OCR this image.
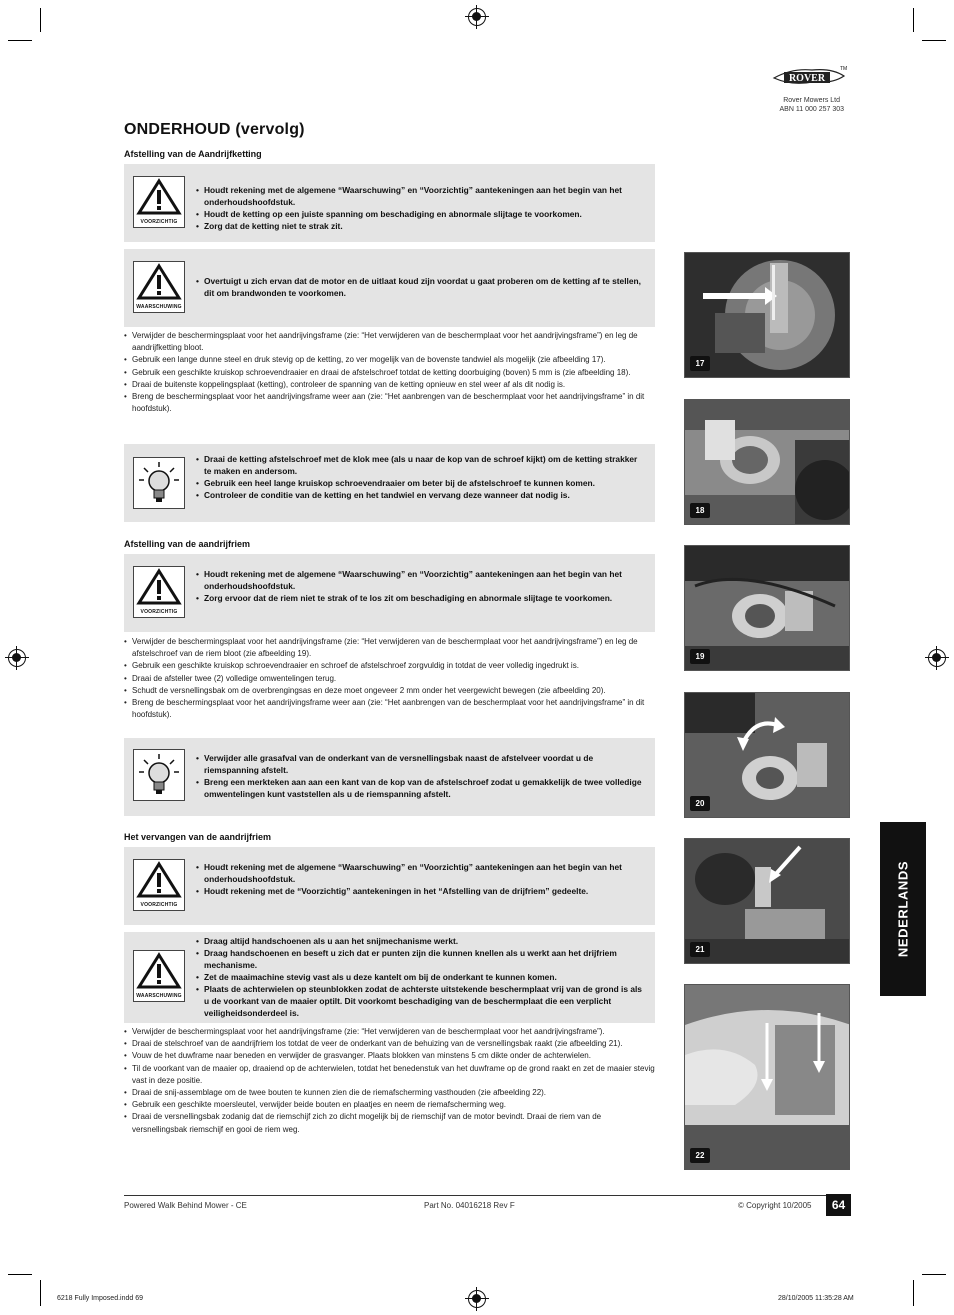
ROVER
TM
Rover Mowers Ltd
ABN 11 000 257 303
ONDERHOUD (vervolg)
Afstelling van de Aandrijfketting
VOORZICHTIG
• Houdt rekening met de algemene “Waarschuwing” en “Voorzichtig” aantekeningen aan het begin van het onderhoudshoofdstuk.
• Houdt de ketting op een juiste spanning om beschadiging en abnormale slijtage te voorkomen.
• Zorg dat de ketting niet te strak zit.
WAARSCHUWING
• Overtuigt u zich ervan dat de motor en de uitlaat koud zijn voordat u gaat proberen om de ketting af te stellen, dit om brandwonden te voorkomen.
• Verwijder de beschermingsplaat voor het aandrijvingsframe (zie: “Het verwijderen van de beschermplaat voor het aandrijvingsframe”) en leg de aandrijfketting bloot.
• Gebruik een lange dunne steel en druk stevig op de ketting, zo ver mogelijk van de bovenste tandwiel als mogelijk (zie afbeelding 17).
• Gebruik een geschikte kruiskop schroevendraaier en draai de afstelschroef totdat de ketting doorbuiging (boven) 5 mm is (zie afbeelding 18).
• Draai de buitenste koppelingsplaat (ketting), controleer de spanning van de ketting opnieuw en stel weer af als dit nodig is.
• Breng de beschermingsplaat voor het aandrijvingsframe weer aan (zie: “Het aanbrengen van de beschermplaat voor het aandrijvingsframe” in dit hoofdstuk).
• Draai de ketting afstelschroef met de klok mee (als u naar de kop van de schroef kijkt) om de ketting strakker te maken en andersom.
• Gebruik een heel lange kruiskop schroevendraaier om beter bij de afstelschroef te kunnen komen.
• Controleer de conditie van de ketting en het tandwiel en vervang deze wanneer dat nodig is.
Afstelling van de aandrijfriem
VOORZICHTIG
• Houdt rekening met de algemene “Waarschuwing” en “Voorzichtig” aantekeningen aan het begin van het onderhoudshoofdstuk.
• Zorg ervoor dat de riem niet te strak of te los zit om beschadiging en abnormale slijtage te voorkomen.
• Verwijder de beschermingsplaat voor het aandrijvingsframe (zie: “Het verwijderen van de beschermplaat voor het aandrijvingsframe”) en leg de afstelschroef van de riem bloot (zie afbeelding 19).
• Gebruik een geschikte kruiskop schroevendraaier en schroef de afstelschroef zorgvuldig in totdat de veer volledig ingedrukt is.
• Draai de afsteller twee (2) volledige omwentelingen terug.
• Schudt de versnellingsbak om de overbrengingsas en deze moet ongeveer 2 mm onder het veergewicht bewegen (zie afbeelding 20).
• Breng de beschermingsplaat voor het aandrijvingsframe weer aan (zie: “Het aanbrengen van de beschermplaat voor het aandrijvingsframe” in dit hoofdstuk).
• Verwijder alle grasafval van de onderkant van de versnellingsbak naast de afstelveer voordat u de riemspanning afstelt.
• Breng een merkteken aan aan een kant van de kop van de afstelschroef zodat u gemakkelijk de twee volledige omwentelingen kunt vaststellen als u de riemspanning afstelt.
Het vervangen van de aandrijfriem
VOORZICHTIG
• Houdt rekening met de algemene “Waarschuwing” en “Voorzichtig” aantekeningen aan het begin van het onderhoudshoofdstuk.
• Houdt rekening met de “Voorzichtig” aantekeningen in het “Afstelling van de drijfriem” gedeelte.
WAARSCHUWING
• Draag altijd handschoenen als u aan het snijmechanisme werkt.
• Draag handschoenen en beseft u zich dat er punten zijn die kunnen knellen als u werkt aan het drijfriem mechanisme.
• Zet de maaimachine stevig vast als u deze kantelt om bij de onderkant te kunnen komen.
• Plaats de achterwielen op steunblokken zodat de achterste uitstekende beschermplaat vrij van de grond is als u de voorkant van de maaier optilt. Dit voorkomt beschadiging van de beschermplaat die een verplicht veiligheidsonderdeel is.
• Verwijder de beschermingsplaat voor het aandrijvingsframe (zie: “Het verwijderen van de beschermplaat voor het aandrijvingsframe”).
• Draai de stelschroef van de aandrijfriem los totdat de veer de onderkant van de behuizing van de versnellingsbak raakt (zie afbeelding 21).
• Vouw de het duwframe naar beneden en verwijder de grasvanger. Plaats blokken van minstens 5 cm dikte onder de achterwielen.
• Til de voorkant van de maaier op, draaiend op de achterwielen, totdat het benedenstuk van het duwframe op de grond raakt en zet de maaier stevig vast in deze positie.
• Draai de snij-assemblage om de twee bouten te kunnen zien die de riemafscherming vasthouden (zie afbeelding 22).
• Gebruik een geschikte moersleutel, verwijder beide bouten en plaatjes en neem de riemafscherming weg.
• Draai de versnellingsbak zodanig dat de riemschijf zich zo dicht mogelijk bij de riemschijf van de motor bevindt. Draai de riem van de versnellingsbak riemschijf en gooi de riem weg.
17
18
19
20
21
22
NEDERLANDS
Powered Walk Behind Mower - CE	Part No. 04016218 Rev F	© Copyright 10/2005	64
6218 Fully Imposed.indd 69	28/10/2005 11:35:28 AM
